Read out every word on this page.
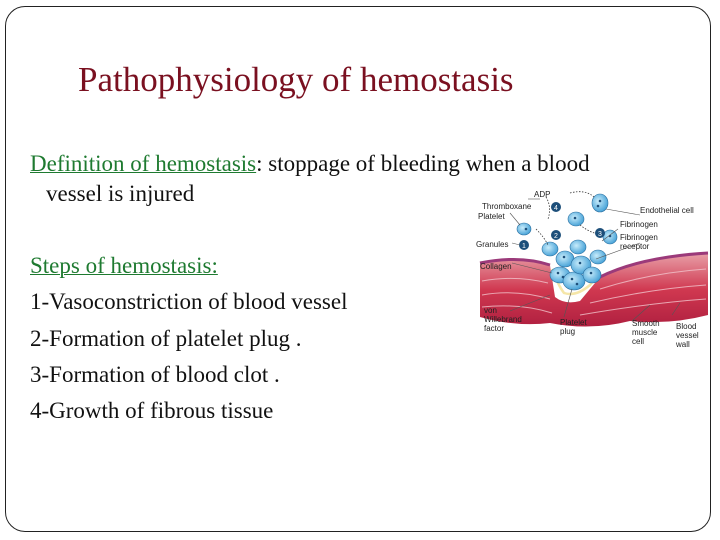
Pathophysiology of hemostasis
Definition of hemostasis: stoppage of bleeding when a blood
vessel is injured
Steps of hemostasis:
1-Vasoconstriction of blood vessel
2-Formation of platelet plug .
3-Formation of blood clot .
4-Growth of fibrous tissue
1
2	3
4
ADP
Thromboxane
Platelet
Granules
Collagen
Endothelial cell
Fibrinogen
Fibrinogen
receptor
von
Willebrand
factor
Platelet
plug
Smooth
muscle
cell
Blood
vessel
wall
